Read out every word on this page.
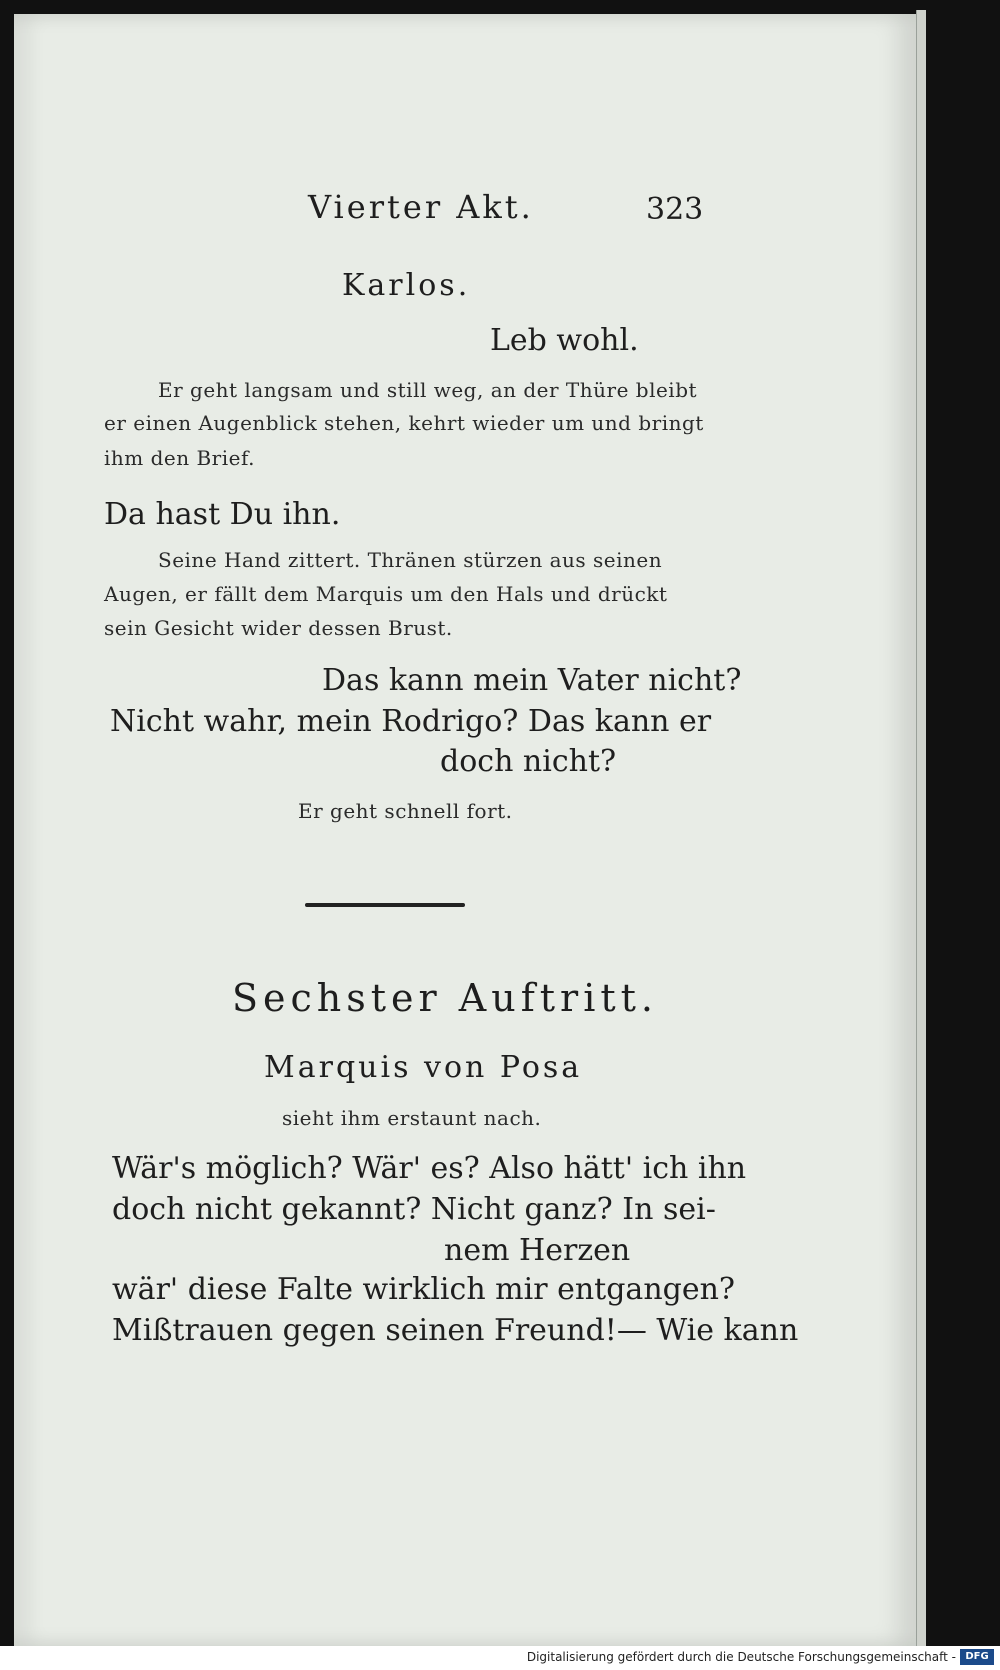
Vierter Akt.	323
Karlos.
Leb wohl.
Er geht langsam und still weg, an der Thüre bleibt
er einen Augenblick stehen, kehrt wieder um und bringt
ihm den Brief.
Da hast Du ihn.
Seine Hand zittert. Thränen stürzen aus seinen
Augen, er fällt dem Marquis um den Hals und drückt
sein Gesicht wider dessen Brust.
Das kann mein Vater nicht?
Nicht wahr, mein Rodrigo? Das kann er
doch nicht?
Er geht schnell fort.
Sechster Auftritt.
Marquis von Posa
sieht ihm erstaunt nach.
Wär's möglich? Wär' es? Also hätt' ich ihn
doch nicht gekannt? Nicht ganz? In sei-
nem Herzen
wär' diese Falte wirklich mir entgangen?
Mißtrauen gegen seinen Freund!— Wie kann
Digitalisierung gefördert durch die Deutsche Forschungsgemeinschaft - DFG
